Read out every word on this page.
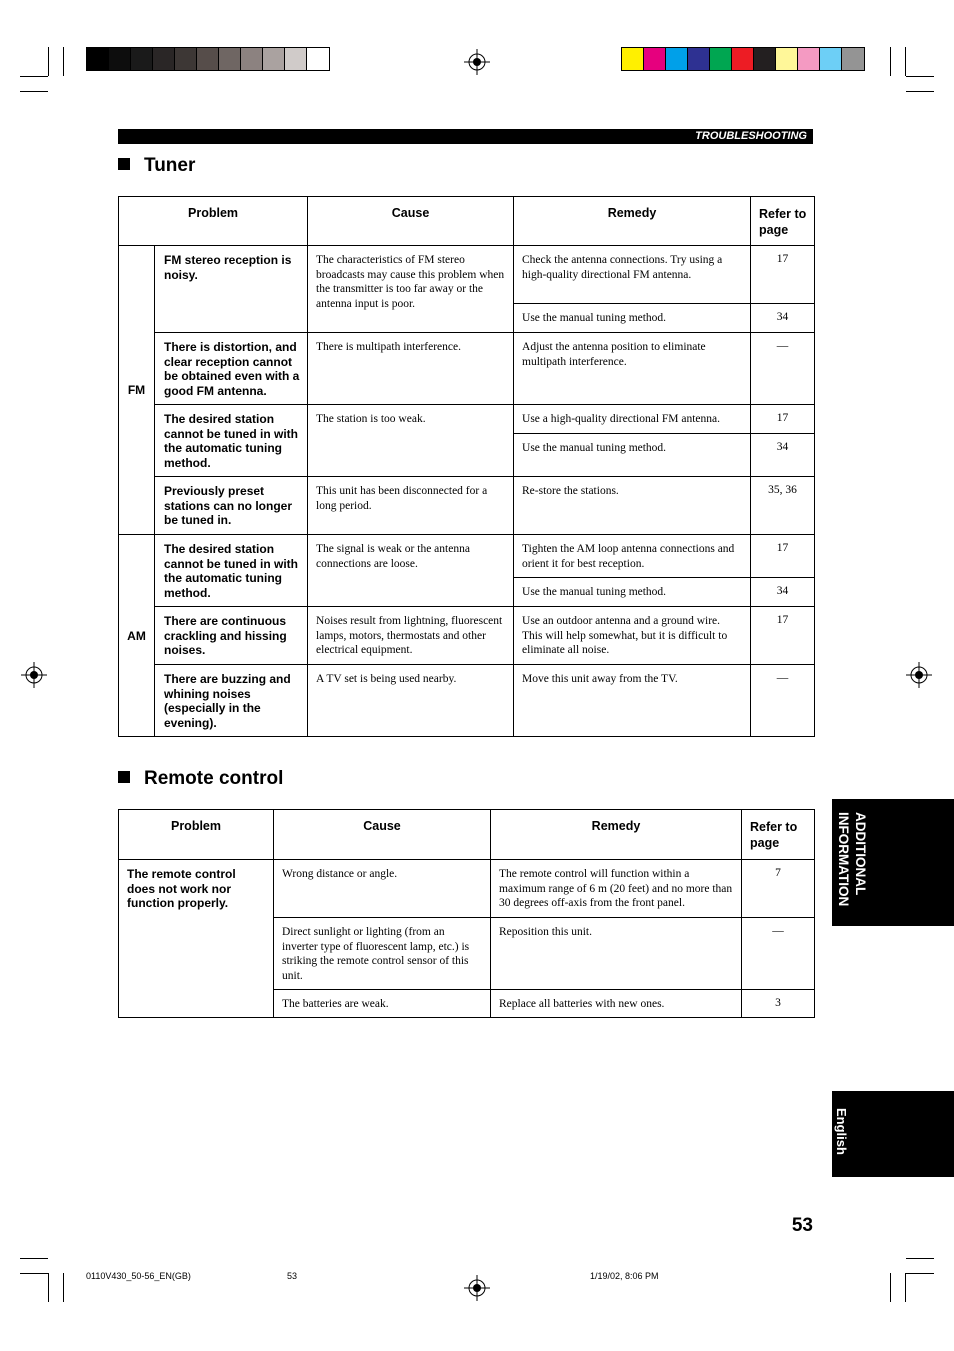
TROUBLESHOOTING
Tuner
Problem		Cause	Remedy	Refer to page
FM	FM stereo reception is noisy.	The characteristics of FM stereo broadcasts may cause this problem when the transmitter is too far away or the antenna input is poor.	Check the antenna connections. Try using a high-quality directional FM antenna.	17
			Use the manual tuning method.	34
	There is distortion, and clear reception cannot be obtained even with a good FM antenna.	There is multipath interference.	Adjust the antenna position to eliminate multipath interference.	—
	The desired station cannot be tuned in with the automatic tuning method.	The station is too weak.	Use a high-quality directional FM antenna.	17
			Use the manual tuning method.	34
	Previously preset stations can no longer be tuned in.	This unit has been disconnected for a long period.	Re-store the stations.	35, 36
AM	The desired station cannot be tuned in with the automatic tuning method.	The signal is weak or the antenna connections are loose.	Tighten the AM loop antenna connections and orient it for best reception.	17
			Use the manual tuning method.	34
	There are continuous crackling and hissing noises.	Noises result from lightning, fluorescent lamps, motors, thermostats and other electrical equipment.	Use an outdoor antenna and a ground wire. This will help somewhat, but it is difficult to eliminate all noise.	17
	There are buzzing and whining noises (especially in the evening).	A TV set is being used nearby.	Move this unit away from the TV.	—
Remote control
Problem	Cause	Remedy	Refer to page
The remote control does not work nor function properly.	Wrong distance or angle.	The remote control will function within a maximum range of 6 m (20 feet) and no more than 30 degrees off-axis from the front panel.	7
	Direct sunlight or lighting (from an inverter type of fluorescent lamp, etc.) is striking the remote control sensor of this unit.	Reposition this unit.	—
	The batteries are weak.	Replace all batteries with new ones.	3
ADDITIONAL INFORMATION
English
53
0110V430_50-56_EN(GB)	53	1/19/02, 8:06 PM
